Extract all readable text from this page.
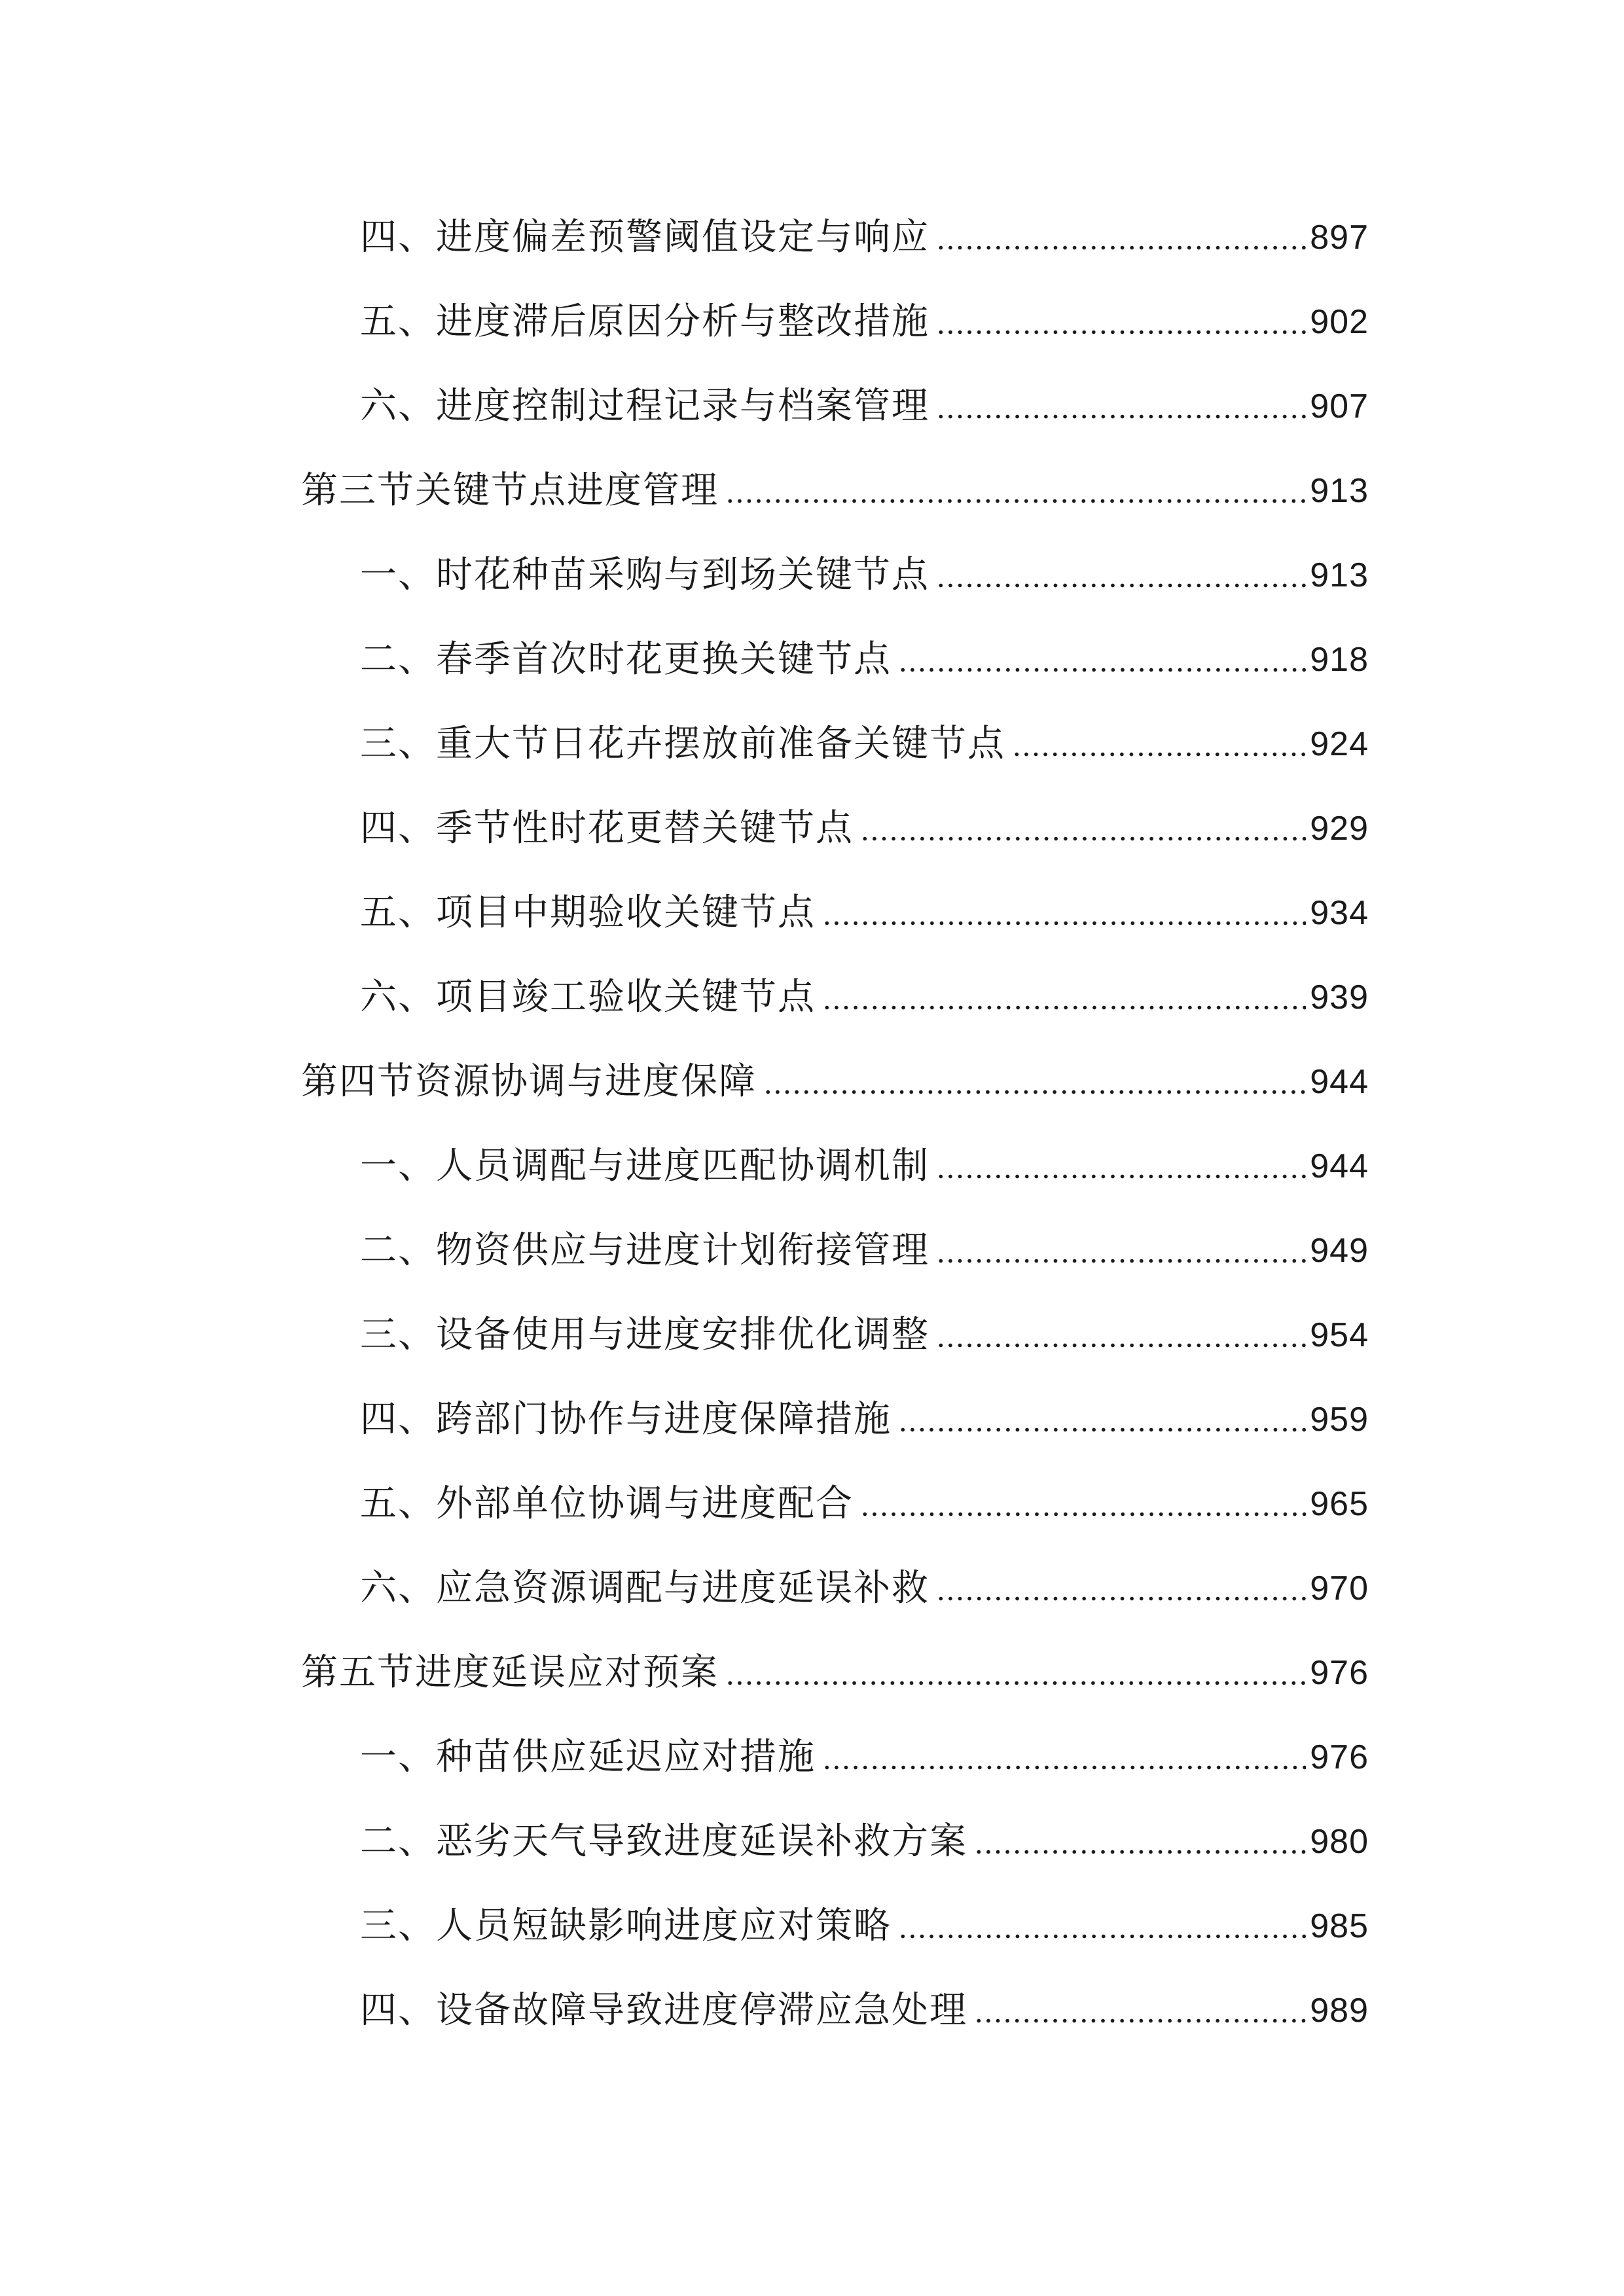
四、进度偏差预警阈值设定与响应	897
五、进度滞后原因分析与整改措施	902
六、进度控制过程记录与档案管理	907
第三节关键节点进度管理	913
一、时花种苗采购与到场关键节点	913
二、春季首次时花更换关键节点	918
三、重大节日花卉摆放前准备关键节点	924
四、季节性时花更替关键节点	929
五、项目中期验收关键节点	934
六、项目竣工验收关键节点	939
第四节资源协调与进度保障	944
一、人员调配与进度匹配协调机制	944
二、物资供应与进度计划衔接管理	949
三、设备使用与进度安排优化调整	954
四、跨部门协作与进度保障措施	959
五、外部单位协调与进度配合	965
六、应急资源调配与进度延误补救	970
第五节进度延误应对预案	976
一、种苗供应延迟应对措施	976
二、恶劣天气导致进度延误补救方案	980
三、人员短缺影响进度应对策略	985
四、设备故障导致进度停滞应急处理	989
